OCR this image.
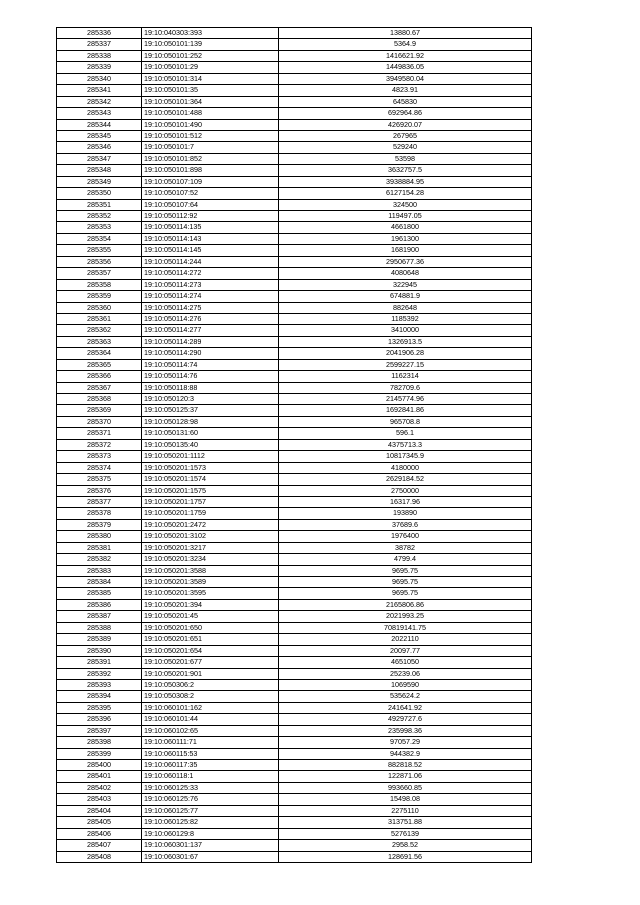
285336	19:10:040303:393	13880.67
285337	19:10:050101:139	5364.9
285338	19:10:050101:252	1416621.92
285339	19:10:050101:29	1449836.05
285340	19:10:050101:314	3949580.04
285341	19:10:050101:35	4823.91
285342	19:10:050101:364	645830
285343	19:10:050101:488	692964.86
285344	19:10:050101:490	426920.07
285345	19:10:050101:512	267965
285346	19:10:050101:7	529240
285347	19:10:050101:852	53598
285348	19:10:050101:898	3632757.5
285349	19:10:050107:109	3938884.95
285350	19:10:050107:52	6127154.28
285351	19:10:050107:64	324500
285352	19:10:050112:92	119497.05
285353	19:10:050114:135	4661800
285354	19:10:050114:143	1961300
285355	19:10:050114:145	1681900
285356	19:10:050114:244	2950677.36
285357	19:10:050114:272	4080648
285358	19:10:050114:273	322945
285359	19:10:050114:274	674881.9
285360	19:10:050114:275	882648
285361	19:10:050114:276	1185392
285362	19:10:050114:277	3410000
285363	19:10:050114:289	1326913.5
285364	19:10:050114:290	2041906.28
285365	19:10:050114:74	2599227.15
285366	19:10:050114:76	1162314
285367	19:10:050118:88	782709.6
285368	19:10:050120:3	2145774.96
285369	19:10:050125:37	1692841.86
285370	19:10:050128:98	965708.8
285371	19:10:050131:60	596.1
285372	19:10:050135:40	4375713.3
285373	19:10:050201:1112	10817345.9
285374	19:10:050201:1573	4180000
285375	19:10:050201:1574	2629184.52
285376	19:10:050201:1575	2750000
285377	19:10:050201:1757	16317.96
285378	19:10:050201:1759	193890
285379	19:10:050201:2472	37689.6
285380	19:10:050201:3102	1976400
285381	19:10:050201:3217	38782
285382	19:10:050201:3234	4799.4
285383	19:10:050201:3588	9695.75
285384	19:10:050201:3589	9695.75
285385	19:10:050201:3595	9695.75
285386	19:10:050201:394	2165806.86
285387	19:10:050201:45	2021993.25
285388	19:10:050201:650	70819141.75
285389	19:10:050201:651	2022110
285390	19:10:050201:654	20097.77
285391	19:10:050201:677	4651050
285392	19:10:050201:901	25239.06
285393	19:10:050306:2	1069590
285394	19:10:050308:2	535624.2
285395	19:10:060101:162	241641.92
285396	19:10:060101:44	4929727.6
285397	19:10:060102:65	235998.36
285398	19:10:060111:71	97057.29
285399	19:10:060115:53	944382.9
285400	19:10:060117:35	882818.52
285401	19:10:060118:1	122871.06
285402	19:10:060125:33	993660.85
285403	19:10:060125:76	15498.08
285404	19:10:060125:77	2275110
285405	19:10:060125:82	313751.88
285406	19:10:060129:8	5276139
285407	19:10:060301:137	2958.52
285408	19:10:060301:67	128691.56
